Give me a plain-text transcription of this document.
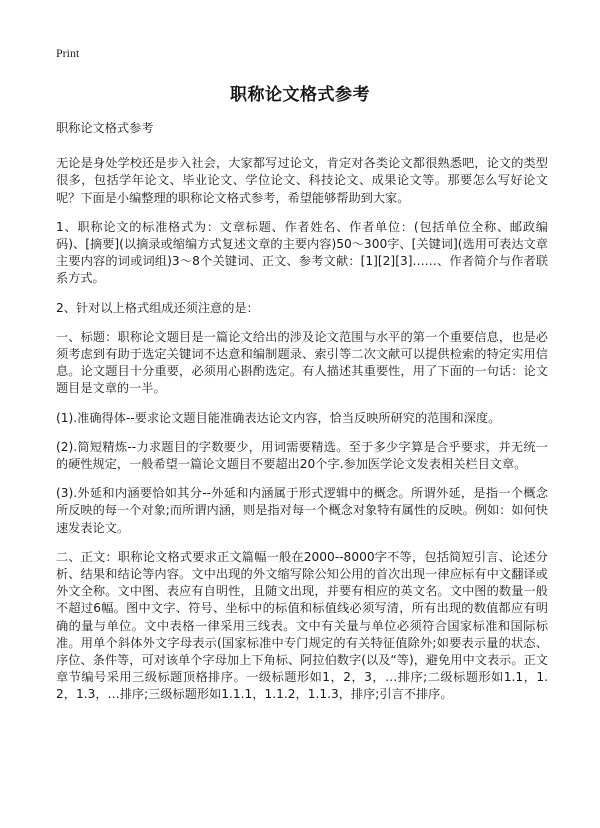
Print
职称论文格式参考

职称论文格式参考

无论是身处学校还是步入社会，大家都写过论文，肯定对各类论文都很熟悉吧，论文的类型很多，包括学年论文、毕业论文、学位论文、科技论文、成果论文等。那要怎么写好论文呢？下面是小编整理的职称论文格式参考，希望能够帮助到大家。

1、职称论文的标准格式为：文章标题、作者姓名、作者单位：(包括单位全称、邮政编码)、[摘要](以摘录或缩编方式复述文章的主要内容)50～300字、[关键词](选用可表达文章主要内容的词或词组)3～8个关键词、正文、参考文献：[1][2][3]……、作者简介与作者联系方式。

2、针对以上格式组成还须注意的是：

一、标题：职称论文题目是一篇论文给出的涉及论文范围与水平的第一个重要信息，也是必须考虑到有助于选定关键词不达意和编制题录、索引等二次文献可以提供检索的特定实用信息。论文题目十分重要，必须用心斟酌选定。有人描述其重要性，用了下面的一句话：论文题目是文章的一半。

(1).准确得体--要求论文题目能准确表达论文内容，恰当反映所研究的范围和深度。

(2).简短精炼--力求题目的字数要少，用词需要精选。至于多少字算是合乎要求，并无统一的硬性规定，一般希望一篇论文题目不要超出20个字.参加医学论文发表相关栏目文章。

(3).外延和内涵要恰如其分--外延和内涵属于形式逻辑中的概念。所谓外延，是指一个概念所反映的每一个对象;而所谓内涵，则是指对每一个概念对象特有属性的反映。例如：如何快速发表论文。

二、正文：职称论文格式要求正文篇幅一般在2000--8000字不等，包括简短引言、论述分析、结果和结论等内容。文中出现的外文缩写除公知公用的首次出现一律应标有中文翻译或外文全称。文中图、表应有自明性，且随文出现，并要有相应的英文名。文中图的数量一般不超过6幅。图中文字、符号、坐标中的标值和标值线必须写清，所有出现的数值都应有明确的量与单位。文中表格一律采用三线表。文中有关量与单位必须符合国家标准和国际标准。用单个斜体外文字母表示(国家标准中专门规定的有关特征值除外;如要表示量的状态、序位、条件等，可对该单个字母加上下角标、阿拉伯数字(以及“等)，避免用中文表示。正文章节编号采用三级标题顶格排序。一级标题形如1，2，3，…排序;二级标题形如1.1，1.2，1.3，…排序;三级标题形如1.1.1，1.1.2，1.1.3，排序;引言不排序。
